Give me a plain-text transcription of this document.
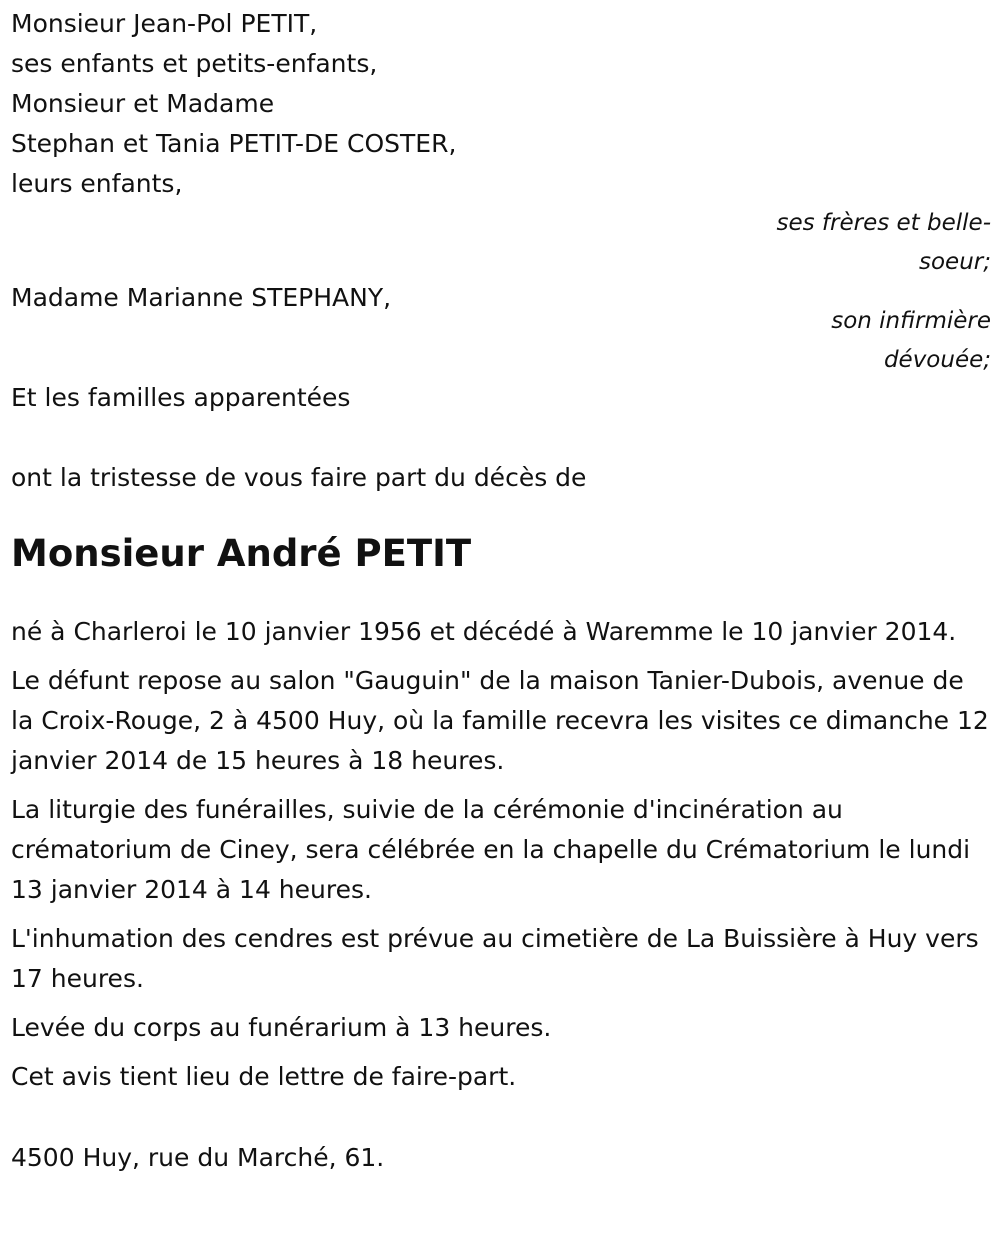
Monsieur Jean-Pol PETIT,
ses enfants et petits-enfants,
Monsieur et Madame
Stephan et Tania PETIT-DE COSTER,
leurs enfants,
ses frères et belle-
soeur;
Madame Marianne STEPHANY,
son infirmière
dévouée;
Et les familles apparentées
ont la tristesse de vous faire part du décès de
Monsieur André PETIT
né à Charleroi le 10 janvier 1956 et décédé à Waremme le 10 janvier 2014.
Le défunt repose au salon "Gauguin" de la maison Tanier-Dubois, avenue de la Croix-Rouge, 2 à 4500 Huy, où la famille recevra les visites ce dimanche 12 janvier 2014 de 15 heures à 18 heures.
La liturgie des funérailles, suivie de la cérémonie d'incinération au crématorium de Ciney, sera célébrée en la chapelle du Crématorium le lundi 13 janvier 2014 à 14 heures.
L'inhumation des cendres est prévue au cimetière de La Buissière à Huy vers 17 heures.
Levée du corps au funérarium à 13 heures.
Cet avis tient lieu de lettre de faire-part.
4500 Huy, rue du Marché, 61.
